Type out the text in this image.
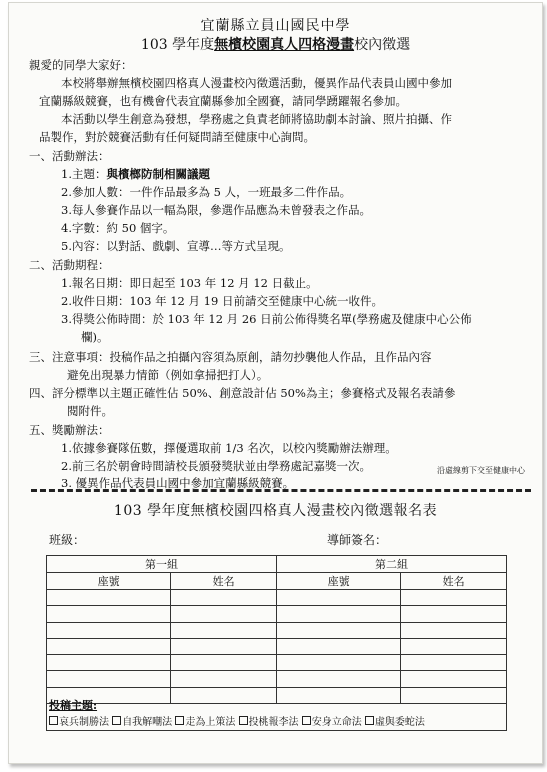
宜蘭縣立員山國民中學
103 學年度無檳校園真人四格漫畫校內徵選
親愛的同學大家好：
本校將舉辦無檳校園四格真人漫畫校內徵選活動，優異作品代表員山國中參加
宜蘭縣級競賽，也有機會代表宜蘭縣參加全國賽，請同學踴躍報名參加。
本活動以學生創意為發想，學務處之負責老師將協助劇本討論、照片拍攝、作
品製作，對於競賽活動有任何疑問請至健康中心詢問。
一、活動辦法：
1.主題：與檳榔防制相關議題
2.參加人數：一件作品最多為 5 人，一班最多二件作品。
3.每人參賽作品以一幅為限，參選作品應為未曾發表之作品。
4.字數：約 50 個字。
5.內容：以對話、戲劇、宣導…等方式呈現。
二、活動期程：
1.報名日期：即日起至 103 年 12 月 12 日截止。
2.收件日期：103 年 12 月 19 日前請交至健康中心統一收件。
3.得獎公佈時間：於 103 年 12 月 26 日前公佈得獎名單(學務處及健康中心公佈
欄)。
三、注意事項：投稿作品之拍攝內容須為原創，請勿抄襲他人作品，且作品內容
避免出現暴力情節（例如拿掃把打人）。
四、評分標準以主題正確性佔 50%、創意設計佔 50%為主；參賽格式及報名表請參
閱附件。
五、獎勵辦法：
1.依據參賽隊伍數，擇優選取前 1/3 名次，以校內獎勵辦法辦理。
2.前三名於朝會時間請校長頒發獎狀並由學務處記嘉獎一次。	沿虛線剪下交至健康中心
3. 優異作品代表員山國中參加宜蘭縣級競賽。
103 學年度無檳校園四格真人漫畫校內徵選報名表
班級：	導師簽名：
第一組		第二組	
座號	姓名	座號	姓名

投稿主題:
哀兵制勝法 自我解嘲法 走為上策法 投桃報李法 安身立命法 虛與委蛇法
